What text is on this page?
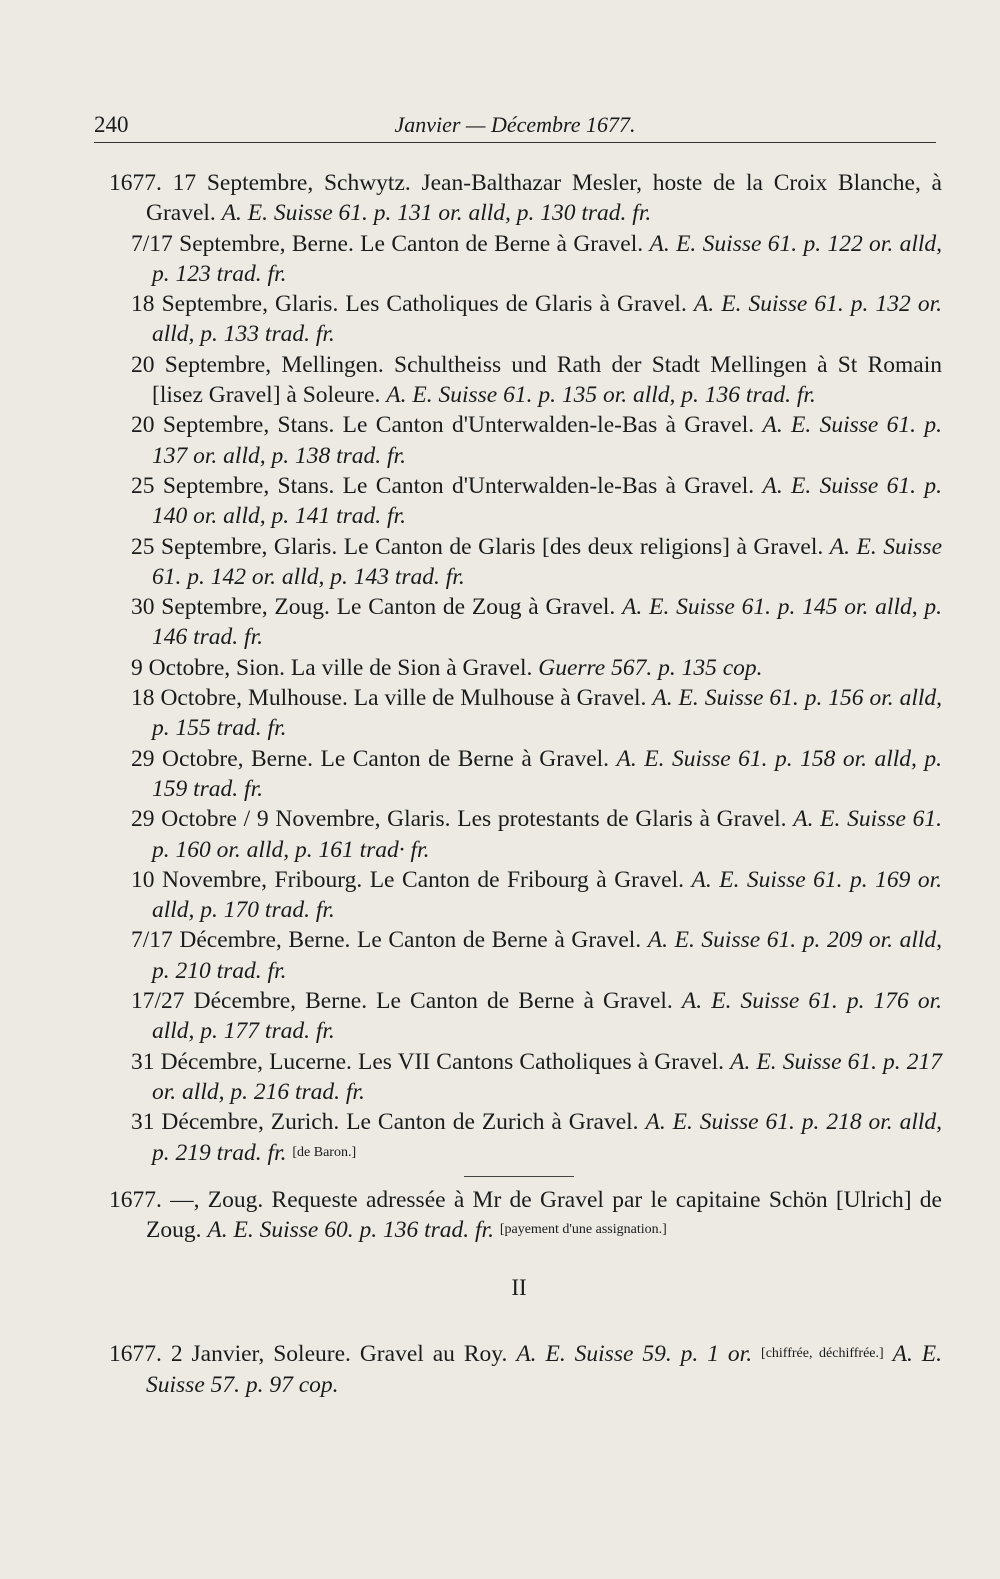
240	Janvier — Décembre 1677.

1677. 17 Septembre, Schwytz. Jean-Balthazar Mesler, hoste de la Croix Blanche, à Gravel. A. E. Suisse 61. p. 131 or. alld, p. 130 trad. fr.

7/17 Septembre, Berne. Le Canton de Berne à Gravel. A. E. Suisse 61. p. 122 or. alld, p. 123 trad. fr.

18 Septembre, Glaris. Les Catholiques de Glaris à Gravel. A. E. Suisse 61. p. 132 or. alld, p. 133 trad. fr.

20 Septembre, Mellingen. Schultheiss und Rath der Stadt Mellingen à St Romain [lisez Gravel] à Soleure. A. E. Suisse 61. p. 135 or. alld, p. 136 trad. fr.

20 Septembre, Stans. Le Canton d'Unterwalden-le-Bas à Gravel. A. E. Suisse 61. p. 137 or. alld, p. 138 trad. fr.

25 Septembre, Stans. Le Canton d'Unterwalden-le-Bas à Gravel. A. E. Suisse 61. p. 140 or. alld, p. 141 trad. fr.

25 Septembre, Glaris. Le Canton de Glaris [des deux religions] à Gravel. A. E. Suisse 61. p. 142 or. alld, p. 143 trad. fr.

30 Septembre, Zoug. Le Canton de Zoug à Gravel. A. E. Suisse 61. p. 145 or. alld, p. 146 trad. fr.

9 Octobre, Sion. La ville de Sion à Gravel. Guerre 567. p. 135 cop.

18 Octobre, Mulhouse. La ville de Mulhouse à Gravel. A. E. Suisse 61. p. 156 or. alld, p. 155 trad. fr.

29 Octobre, Berne. Le Canton de Berne à Gravel. A. E. Suisse 61. p. 158 or. alld, p. 159 trad. fr.

29 Octobre / 9 Novembre, Glaris. Les protestants de Glaris à Gravel. A. E. Suisse 61. p. 160 or. alld, p. 161 trad· fr.

10 Novembre, Fribourg. Le Canton de Fribourg à Gravel. A. E. Suisse 61. p. 169 or. alld, p. 170 trad. fr.

7/17 Décembre, Berne. Le Canton de Berne à Gravel. A. E. Suisse 61. p. 209 or. alld, p. 210 trad. fr.

17/27 Décembre, Berne. Le Canton de Berne à Gravel. A. E. Suisse 61. p. 176 or. alld, p. 177 trad. fr.

31 Décembre, Lucerne. Les VII Cantons Catholiques à Gravel. A. E. Suisse 61. p. 217 or. alld, p. 216 trad. fr.

31 Décembre, Zurich. Le Canton de Zurich à Gravel. A. E. Suisse 61. p. 218 or. alld, p. 219 trad. fr. [de Baron.]

1677. —, Zoug. Requeste adressée à Mr de Gravel par le capitaine Schön [Ulrich] de Zoug. A. E. Suisse 60. p. 136 trad. fr. [payement d'une assignation.]

II

1677. 2 Janvier, Soleure. Gravel au Roy. A. E. Suisse 59. p. 1 or. [chiffrée, déchiffrée.] A. E. Suisse 57. p. 97 cop.
